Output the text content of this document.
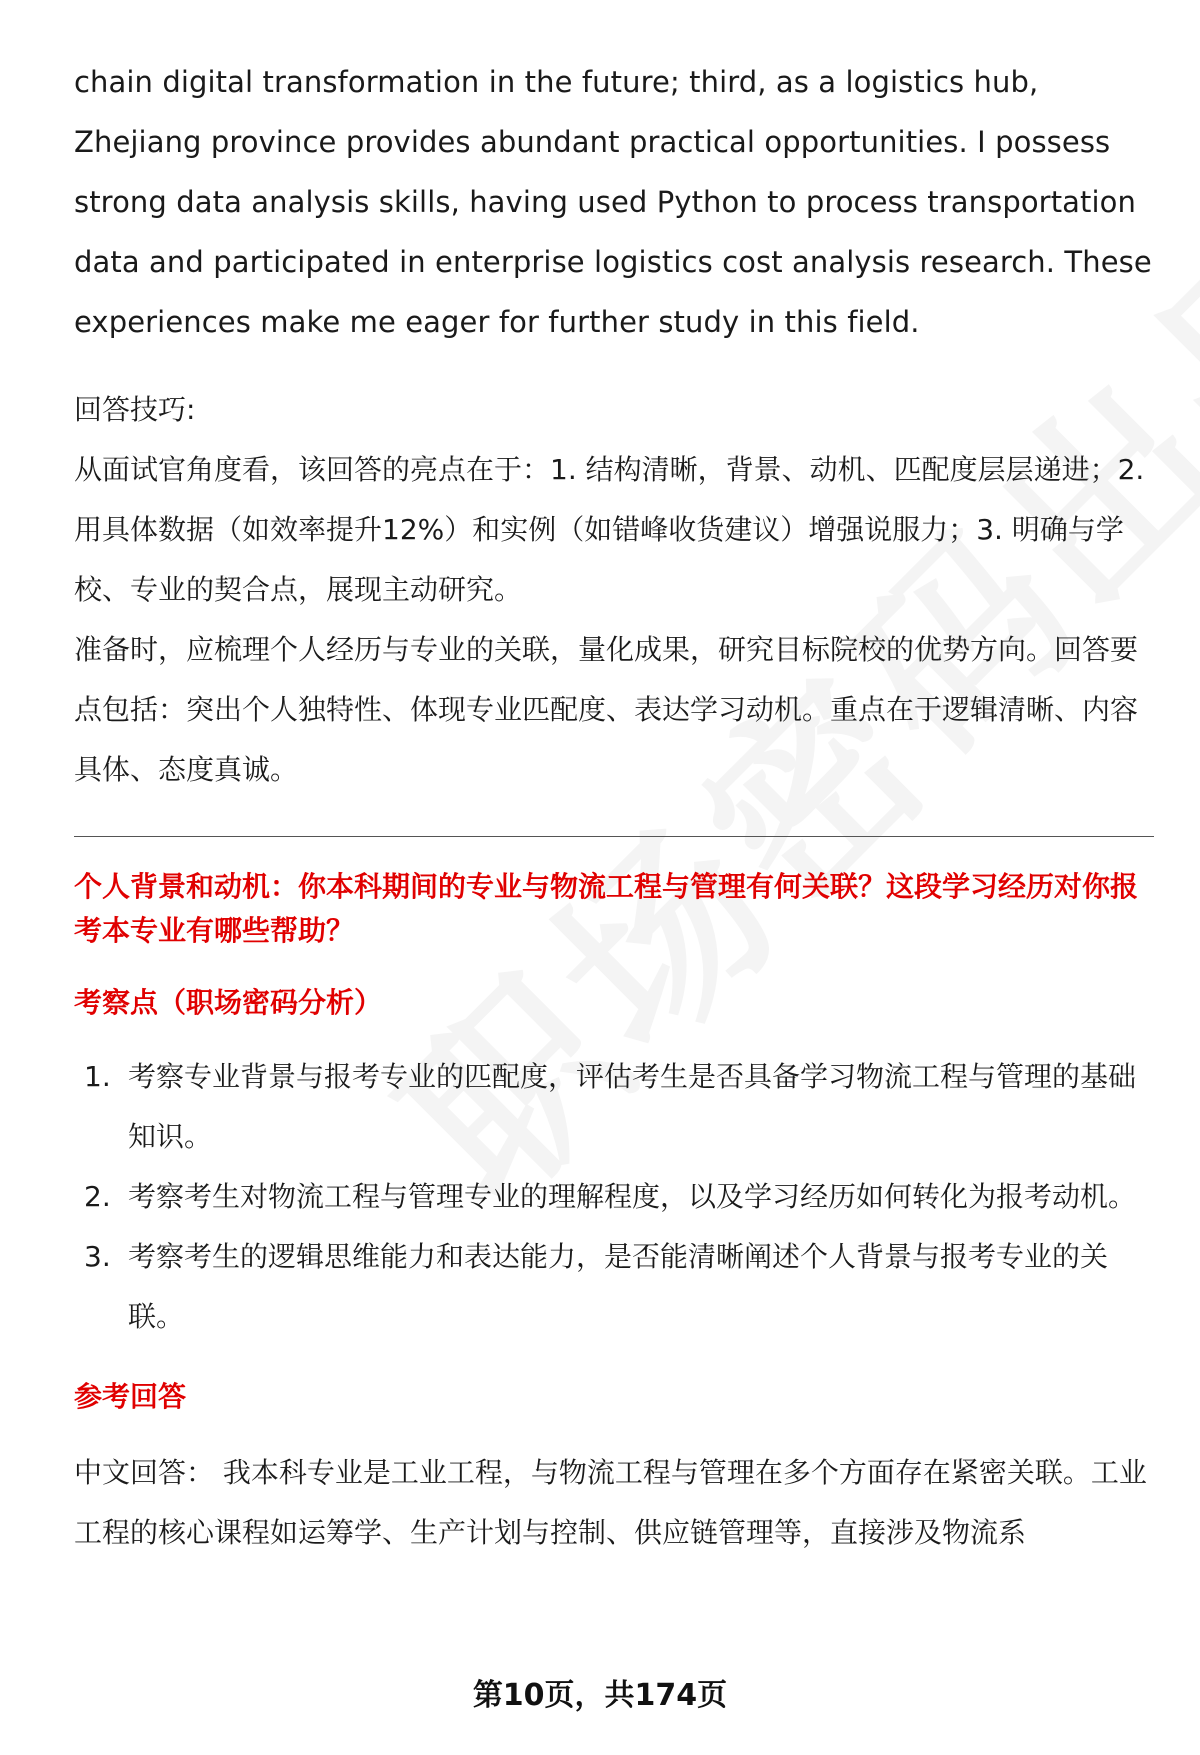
chain digital transformation in the future; third, as a logistics hub, Zhejiang province provides abundant practical opportunities. I possess strong data analysis skills, having used Python to process transportation data and participated in enterprise logistics cost analysis research. These experiences make me eager for further study in this field.

回答技巧:

从面试官角度看，该回答的亮点在于：1. 结构清晰，背景、动机、匹配度层层递进；2. 用具体数据（如效率提升12%）和实例（如错峰收货建议）增强说服力；3. 明确与学校、专业的契合点，展现主动研究。

准备时，应梳理个人经历与专业的关联，量化成果，研究目标院校的优势方向。回答要点包括：突出个人独特性、体现专业匹配度、表达学习动机。重点在于逻辑清晰、内容具体、态度真诚。

个人背景和动机：你本科期间的专业与物流工程与管理有何关联？这段学习经历对你报考本专业有哪些帮助？

考察点（职场密码分析）

1. 考察专业背景与报考专业的匹配度，评估考生是否具备学习物流工程与管理的基础知识。
2. 考察考生对物流工程与管理专业的理解程度，以及学习经历如何转化为报考动机。
3. 考察考生的逻辑思维能力和表达能力，是否能清晰阐述个人背景与报考专业的关联。

参考回答

中文回答： 我本科专业是工业工程，与物流工程与管理在多个方面存在紧密关联。工业工程的核心课程如运筹学、生产计划与控制、供应链管理等，直接涉及物流系

第10页，共174页
